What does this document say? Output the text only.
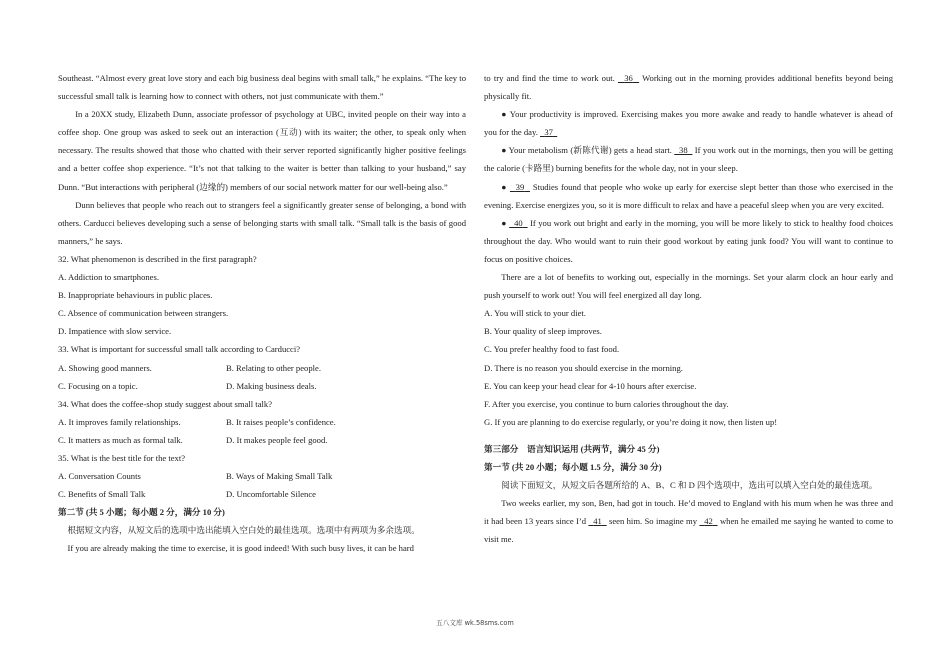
Southeast. “Almost every great love story and each big business deal begins with small talk,” he explains. “The key to successful small talk is learning how to connect with others, not just communicate with them.”

In a 20XX study, Elizabeth Dunn, associate professor of psychology at UBC, invited people on their way into a coffee shop. One group was asked to seek out an interaction (互动) with its waiter; the other, to speak only when necessary. The results showed that those who chatted with their server reported significantly higher positive feelings and a better coffee shop experience. “It’s not that talking to the waiter is better than talking to your husband,” say Dunn. “But interactions with peripheral (边缘的) members of our social network matter for our well-being also.”

Dunn believes that people who reach out to strangers feel a significantly greater sense of belonging, a bond with others. Carducci believes developing such a sense of belonging starts with small talk. “Small talk is the basis of good manners,” he says.

32. What phenomenon is described in the first paragraph?

A. Addiction to smartphones.

B. Inappropriate behaviours in public places.

C. Absence of communication between strangers.

D. Impatience with slow service.

33. What is important for successful small talk according to Carducci?

A. Showing good manners.	B. Relating to other people.
C. Focusing on a topic.	D. Making business deals.

34. What does the coffee-shop study suggest about small talk?

A. It improves family relationships.	B. It raises people’s confidence.
C. It matters as much as formal talk.	D. It makes people feel good.

35. What is the best title for the text?

A. Conversation Counts	B. Ways of Making Small Talk
C. Benefits of Small Talk	D. Uncomfortable Silence

第二节 (共 5 小题；每小题 2 分，满分 10 分)

根据短文内容，从短文后的选项中选出能填入空白处的最佳选项。选项中有两项为多余选项。

If you are already making the time to exercise, it is good indeed! With such busy lives, it can be hard

to try and find the time to work out. 36 Working out in the morning provides additional benefits beyond being physically fit.

● Your productivity is improved. Exercising makes you more awake and ready to handle whatever is ahead of you for the day. 37

● Your metabolism (新陈代谢) gets a head start. 38 If you work out in the mornings, then you will be getting the calorie (卡路里) burning benefits for the whole day, not in your sleep.

● 39 Studies found that people who woke up early for exercise slept better than those who exercised in the evening. Exercise energizes you, so it is more difficult to relax and have a peaceful sleep when you are very excited.

● 40 If you work out bright and early in the morning, you will be more likely to stick to healthy food choices throughout the day. Who would want to ruin their good workout by eating junk food? You will want to continue to focus on positive choices.

There are a lot of benefits to working out, especially in the mornings. Set your alarm clock an hour early and push yourself to work out! You will feel energized all day long.

A. You will stick to your diet.

B. Your quality of sleep improves.

C. You prefer healthy food to fast food.

D. There is no reason you should exercise in the morning.

E. You can keep your head clear for 4-10 hours after exercise.

F. After you exercise, you continue to burn calories throughout the day.

G. If you are planning to do exercise regularly, or you’re doing it now, then listen up!

第三部分　语言知识运用 (共两节，满分 45 分)

第一节 (共 20 小题；每小题 1.5 分，满分 30 分)

阅读下面短文，从短文后各题所给的 A、B、C 和 D 四个选项中，选出可以填入空白处的最佳选项。

Two weeks earlier, my son, Ben, had got in touch. He’d moved to England with his mum when he was three and it had been 13 years since I’d 41 seen him. So imagine my 42 when he emailed me saying he wanted to come to visit me.

五八文库 wk.58sms.com
